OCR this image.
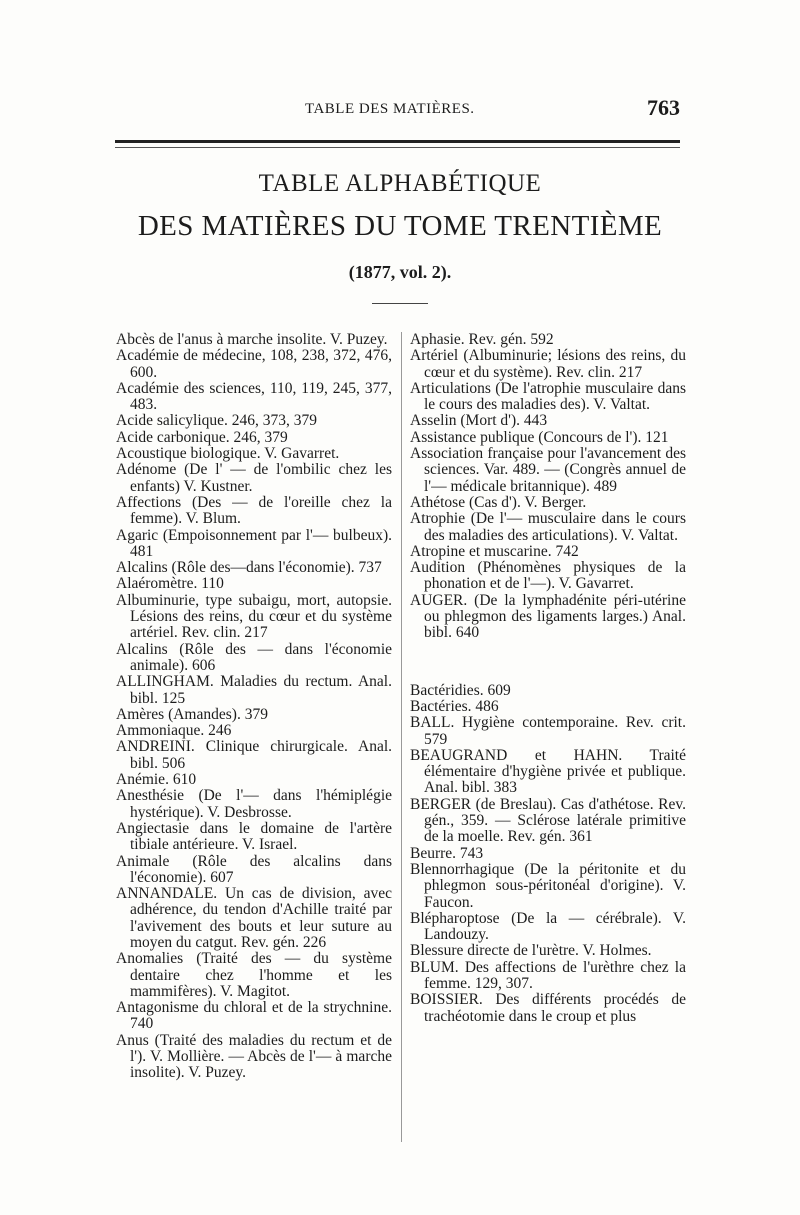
TABLE DES MATIÈRES.	763
TABLE ALPHABÉTIQUE
DES MATIÈRES DU TOME TRENTIÈME
(1877, vol. 2).

Abcès de l'anus à marche insolite. V. Puzey.

Académie de médecine, 108, 238, 372, 476, 600.

Académie des sciences, 110, 119, 245, 377, 483.

Acide salicylique. 246, 373, 379

Acide carbonique. 246, 379

Acoustique biologique. V. Gavarret.

Adénome (De l' — de l'ombilic chez les enfants) V. Kustner.

Affections (Des — de l'oreille chez la femme). V. Blum.

Agaric (Empoisonnement par l'— bulbeux). 481

Alcalins (Rôle des—dans l'économie). 737

Alaéromètre. 110

Albuminurie, type subaigu, mort, autopsie. Lésions des reins, du cœur et du système artériel. Rev. clin. 217

Alcalins (Rôle des — dans l'économie animale). 606

ALLINGHAM. Maladies du rectum. Anal. bibl. 125

Amères (Amandes). 379

Ammoniaque. 246

ANDREINI. Clinique chirurgicale. Anal. bibl. 506

Anémie. 610

Anesthésie (De l'— dans l'hémiplégie hystérique). V. Desbrosse.

Angiectasie dans le domaine de l'artère tibiale antérieure. V. Israel.

Animale (Rôle des alcalins dans l'économie). 607

ANNANDALE. Un cas de division, avec adhérence, du tendon d'Achille traité par l'avivement des bouts et leur suture au moyen du catgut. Rev. gén. 226

Anomalies (Traité des — du système dentaire chez l'homme et les mammifères). V. Magitot.

Antagonisme du chloral et de la strychnine. 740

Anus (Traité des maladies du rectum et de l'). V. Mollière. — Abcès de l'— à marche insolite). V. Puzey.

Aphasie. Rev. gén. 592

Artériel (Albuminurie; lésions des reins, du cœur et du système). Rev. clin. 217

Articulations (De l'atrophie musculaire dans le cours des maladies des). V. Valtat.

Asselin (Mort d'). 443

Assistance publique (Concours de l'). 121

Association française pour l'avancement des sciences. Var. 489. — (Congrès annuel de l'— médicale britannique). 489

Athétose (Cas d'). V. Berger.

Atrophie (De l'— musculaire dans le cours des maladies des articulations). V. Valtat.

Atropine et muscarine. 742

Audition (Phénomènes physiques de la phonation et de l'—). V. Gavarret.

AUGER. (De la lymphadénite péri-utérine ou phlegmon des ligaments larges.) Anal. bibl. 640

Bactéridies. 609

Bactéries. 486

BALL. Hygiène contemporaine. Rev. crit. 579

BEAUGRAND et HAHN. Traité élémentaire d'hygiène privée et publique. Anal. bibl. 383

BERGER (de Breslau). Cas d'athétose. Rev. gén., 359. — Sclérose latérale primitive de la moelle. Rev. gén. 361

Beurre. 743

Blennorrhagique (De la péritonite et du phlegmon sous-péritonéal d'origine). V. Faucon.

Blépharoptose (De la — cérébrale). V. Landouzy.

Blessure directe de l'urètre. V. Holmes.

BLUM. Des affections de l'urèthre chez la femme. 129, 307.

BOISSIER. Des différents procédés de trachéotomie dans le croup et plus
